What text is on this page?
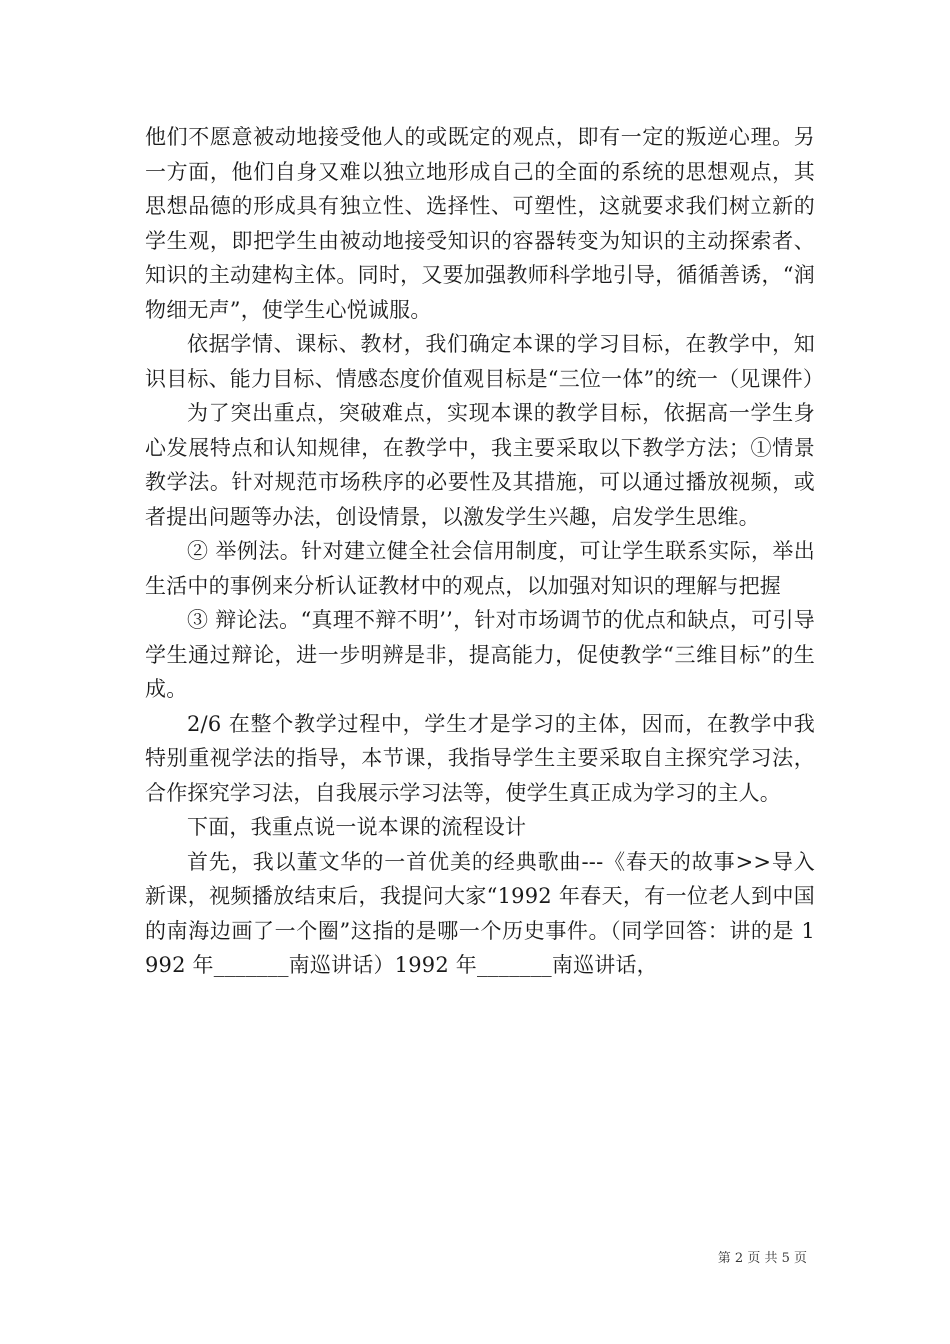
他们不愿意被动地接受他人的或既定的观点，即有一定的叛逆心理。另一方面，他们自身又难以独立地形成自己的全面的系统的思想观点，其思想品德的形成具有独立性、选择性、可塑性，这就要求我们树立新的学生观，即把学生由被动地接受知识的容器转变为知识的主动探索者、知识的主动建构主体。同时，又要加强教师科学地引导，循循善诱，“润物细无声”，使学生心悦诚服。

依据学情、课标、教材，我们确定本课的学习目标，在教学中，知识目标、能力目标、情感态度价值观目标是“三位一体”的统一（见课件）

为了突出重点，突破难点，实现本课的教学目标，依据高一学生身心发展特点和认知规律，在教学中，我主要采取以下教学方法；①情景教学法。针对规范市场秩序的必要性及其措施，可以通过播放视频，或者提出问题等办法，创设情景，以激发学生兴趣，启发学生思维。

② 举例法。针对建立健全社会信用制度，可让学生联系实际，举出生活中的事例来分析认证教材中的观点，以加强对知识的理解与把握

③ 辩论法。“真理不辩不明’’，针对市场调节的优点和缺点，可引导学生通过辩论，进一步明辨是非，提高能力，促使教学“三维目标”的生成。

2/6 在整个教学过程中，学生才是学习的主体，因而，在教学中我特别重视学法的指导，本节课，我指导学生主要采取自主探究学习法，合作探究学习法，自我展示学习法等，使学生真正成为学习的主人。

下面，我重点说一说本课的流程设计

首先，我以董文华的一首优美的经典歌曲---《春天的故事>>导入新课，视频播放结束后，我提问大家“1992 年春天，有一位老人到中国的南海边画了一个圈”这指的是哪一个历史事件。（同学回答：讲的是 1992 年_______南巡讲话）1992 年_______南巡讲话，

第 2 页 共 5 页
